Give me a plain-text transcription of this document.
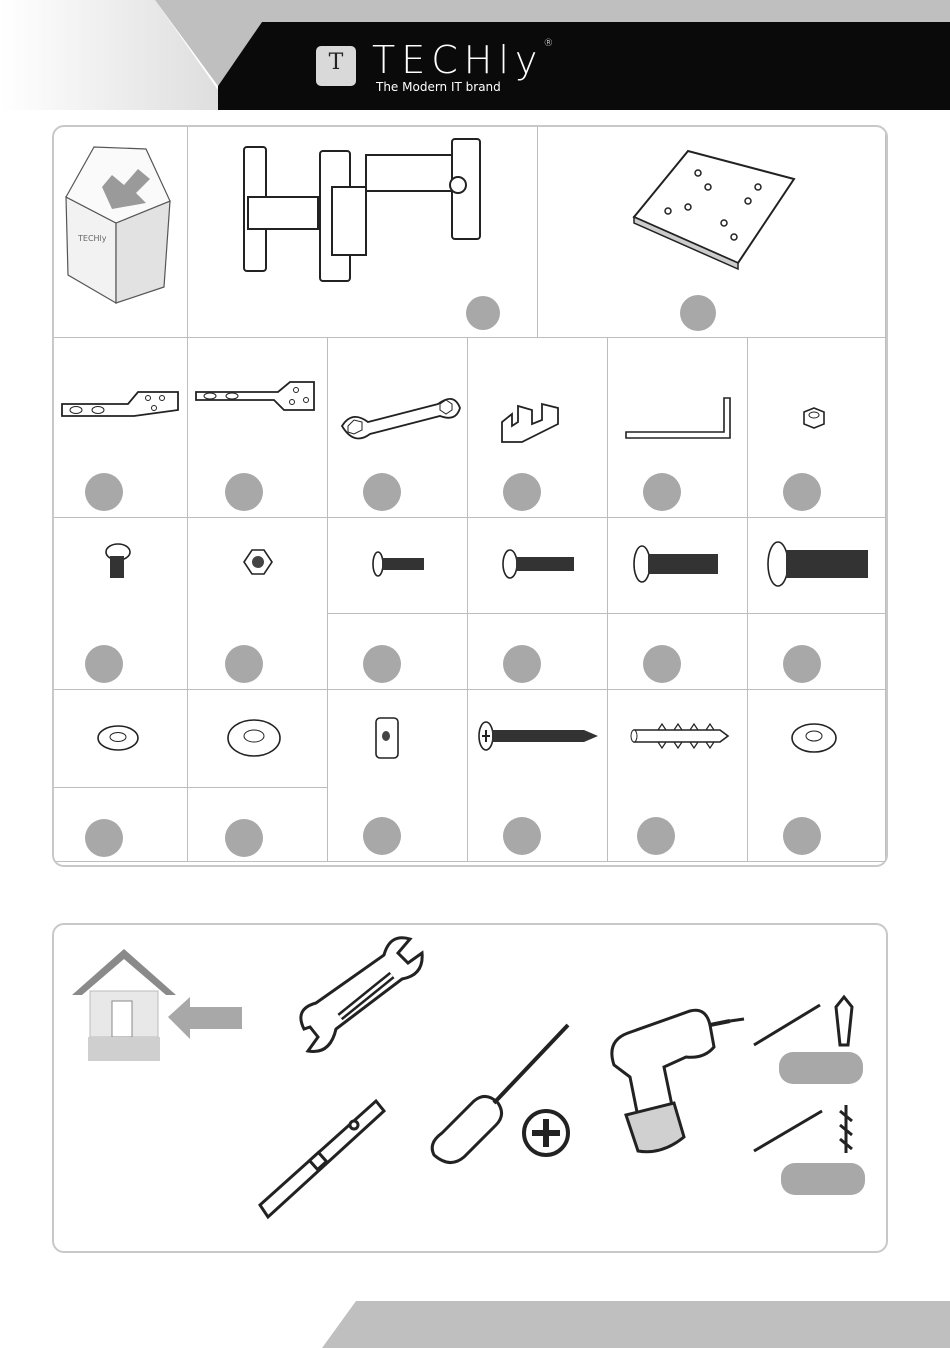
T TECHly®
The Modern IT brand
TECHly
